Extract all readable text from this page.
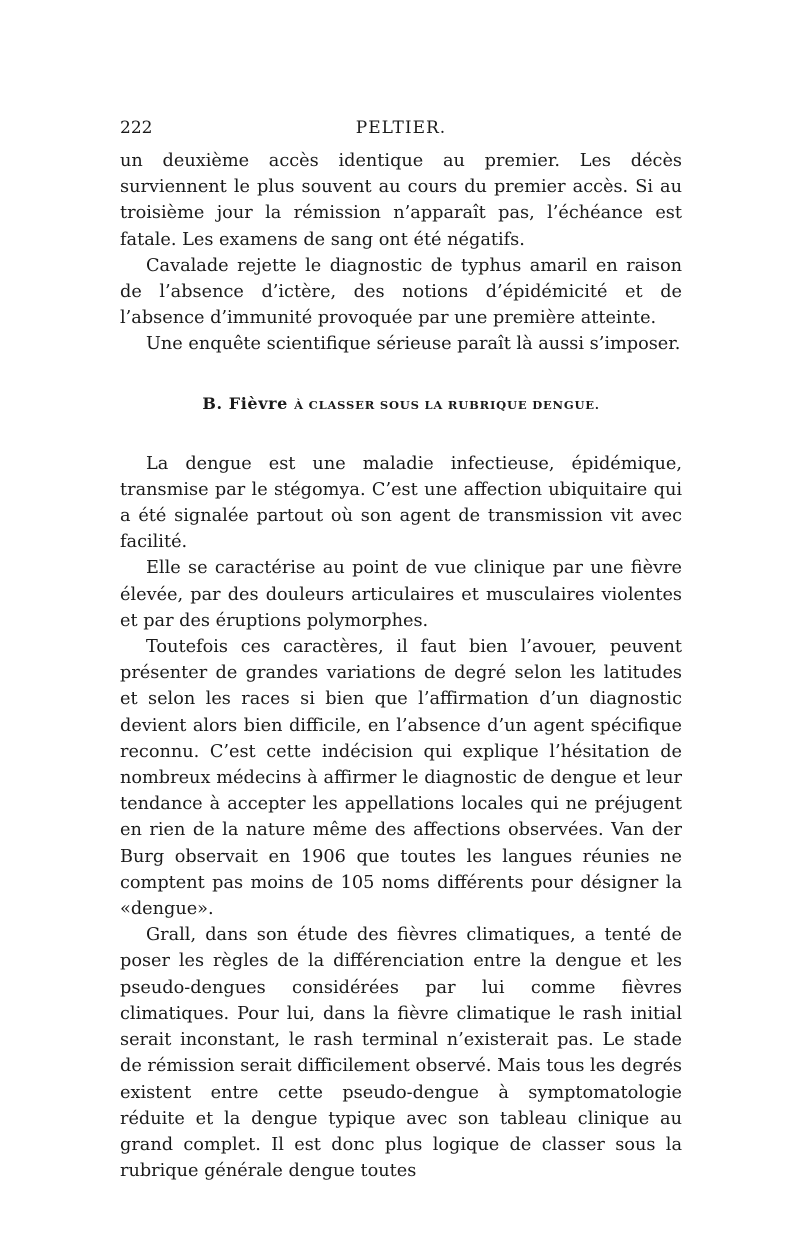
222	PELTIER.

un deuxième accès identique au premier. Les décès surviennent le plus souvent au cours du premier accès. Si au troisième jour la rémission n’apparaît pas, l’échéance est fatale. Les examens de sang ont été négatifs.

Cavalade rejette le diagnostic de typhus amaril en raison de l’absence d’ictère, des notions d’épidémicité et de l’absence d’immunité provoquée par une première atteinte.

Une enquête scientifique sérieuse paraît là aussi s’imposer.

B. Fièvre À CLASSER SOUS LA RUBRIQUE DENGUE.

La dengue est une maladie infectieuse, épidémique, transmise par le stégomya. C’est une affection ubiquitaire qui a été signalée partout où son agent de transmission vit avec facilité.

Elle se caractérise au point de vue clinique par une fièvre élevée, par des douleurs articulaires et musculaires violentes et par des éruptions polymorphes.

Toutefois ces caractères, il faut bien l’avouer, peuvent présenter de grandes variations de degré selon les latitudes et selon les races si bien que l’affirmation d’un diagnostic devient alors bien difficile, en l’absence d’un agent spécifique reconnu. C’est cette indécision qui explique l’hésitation de nombreux médecins à affirmer le diagnostic de dengue et leur tendance à accepter les appellations locales qui ne préjugent en rien de la nature même des affections observées. Van der Burg observait en 1906 que toutes les langues réunies ne comptent pas moins de 105 noms différents pour désigner la «dengue».

Grall, dans son étude des fièvres climatiques, a tenté de poser les règles de la différenciation entre la dengue et les pseudo-dengues considérées par lui comme fièvres climatiques. Pour lui, dans la fièvre climatique le rash initial serait inconstant, le rash terminal n’existerait pas. Le stade de rémission serait difficilement observé. Mais tous les degrés existent entre cette pseudo-dengue à symptomatologie réduite et la dengue typique avec son tableau clinique au grand complet. Il est donc plus logique de classer sous la rubrique générale dengue toutes
